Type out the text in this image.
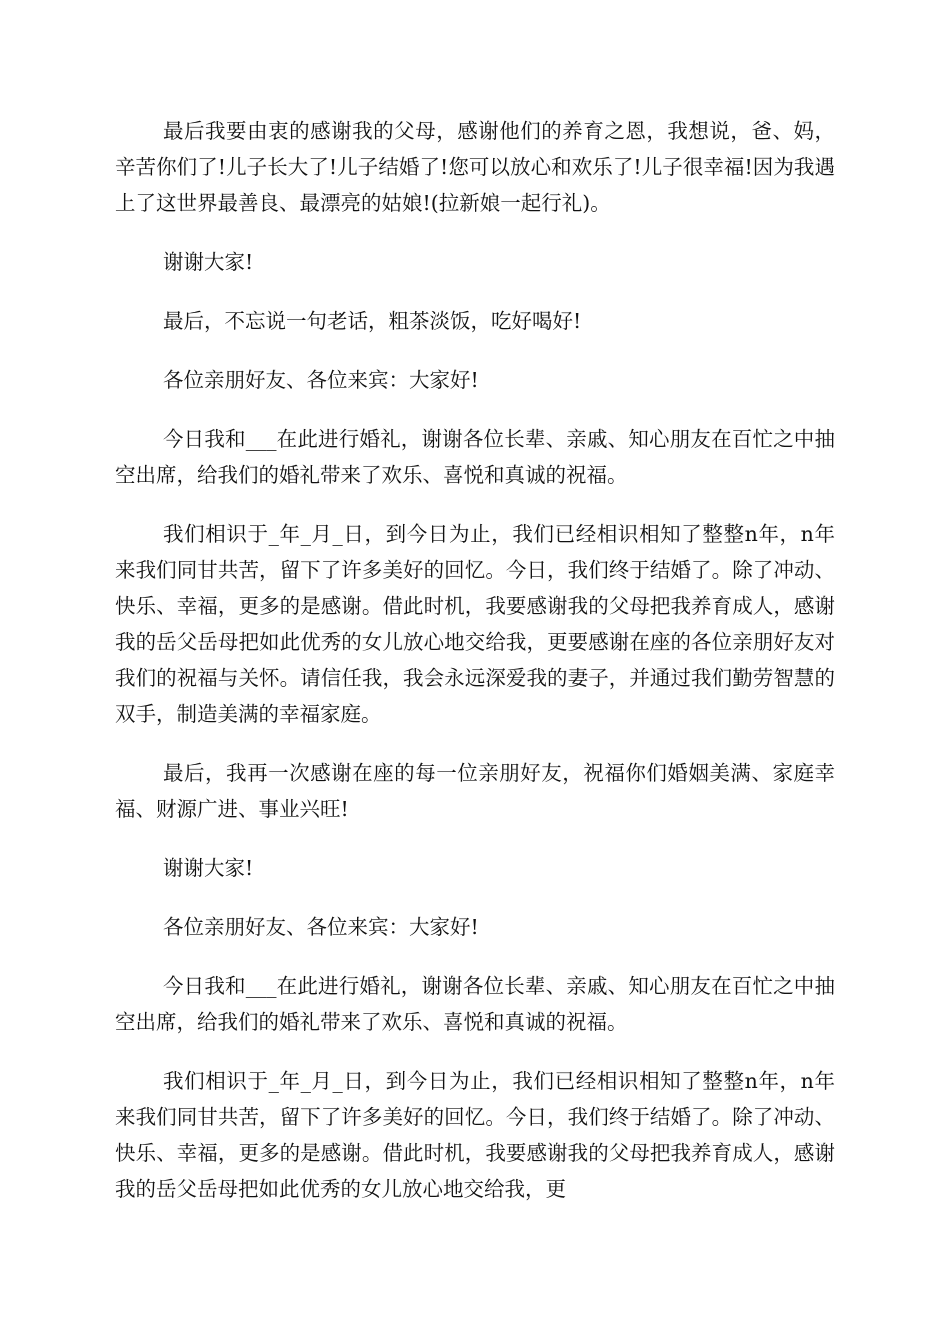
最后我要由衷的感谢我的父母，感谢他们的养育之恩，我想说，爸、妈，辛苦你们了!儿子长大了!儿子结婚了!您可以放心和欢乐了!儿子很幸福!因为我遇上了这世界最善良、最漂亮的姑娘!(拉新娘一起行礼)。

谢谢大家!

最后，不忘说一句老话，粗茶淡饭，吃好喝好!

各位亲朋好友、各位来宾：大家好!

今日我和___在此进行婚礼，谢谢各位长辈、亲戚、知心朋友在百忙之中抽空出席，给我们的婚礼带来了欢乐、喜悦和真诚的祝福。

我们相识于_年_月_日，到今日为止，我们已经相识相知了整整n年，n年来我们同甘共苦，留下了许多美好的回忆。今日，我们终于结婚了。除了冲动、快乐、幸福，更多的是感谢。借此时机，我要感谢我的父母把我养育成人，感谢我的岳父岳母把如此优秀的女儿放心地交给我，更要感谢在座的各位亲朋好友对我们的祝福与关怀。请信任我，我会永远深爱我的妻子，并通过我们勤劳智慧的双手，制造美满的幸福家庭。

最后，我再一次感谢在座的每一位亲朋好友，祝福你们婚姻美满、家庭幸福、财源广进、事业兴旺!

谢谢大家!

各位亲朋好友、各位来宾：大家好!

今日我和___在此进行婚礼，谢谢各位长辈、亲戚、知心朋友在百忙之中抽空出席，给我们的婚礼带来了欢乐、喜悦和真诚的祝福。

我们相识于_年_月_日，到今日为止，我们已经相识相知了整整n年，n年来我们同甘共苦，留下了许多美好的回忆。今日，我们终于结婚了。除了冲动、快乐、幸福，更多的是感谢。借此时机，我要感谢我的父母把我养育成人，感谢我的岳父岳母把如此优秀的女儿放心地交给我，更
